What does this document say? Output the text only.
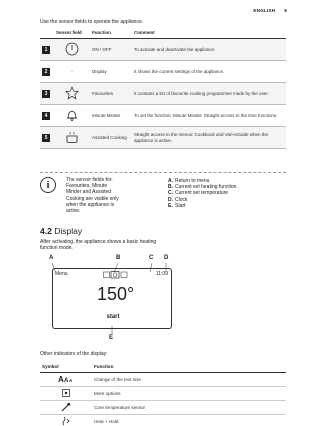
ENGLISH 9
Use the sensor fields to operate the appliance.
	Sensor field	Function	Comment
1		ON / OFF	To activate and deactivate the appliance.
2	-	Display	It shows the current settings of the appliance.
3		Favourites	It contains a list of favourite cooking programmes made by the user.
4		Minute Minder	To set the function: Minute Minder. Straight access to the time functions.
5		Assisted Cooking	Straight access to the menus: Cookbook and Vari-oGuide when the appliance is active.
i	The sensor fields for: Favourites, Minute Minder and Assisted Cooking are visible only when the appliance is active.
A. Return to menu
B. Current set heating function
C. Current set temperature
D. Clock
E. Start
4.2 Display
After activating, the appliance shows a basic heating function mode.
A	B	C D
Menu	11:09
150°
start
E
Other indicators of the display:
Symbol	Function

A A A	Change of the text size
	More options
	Core temperature sensor
	Heat + Hold
